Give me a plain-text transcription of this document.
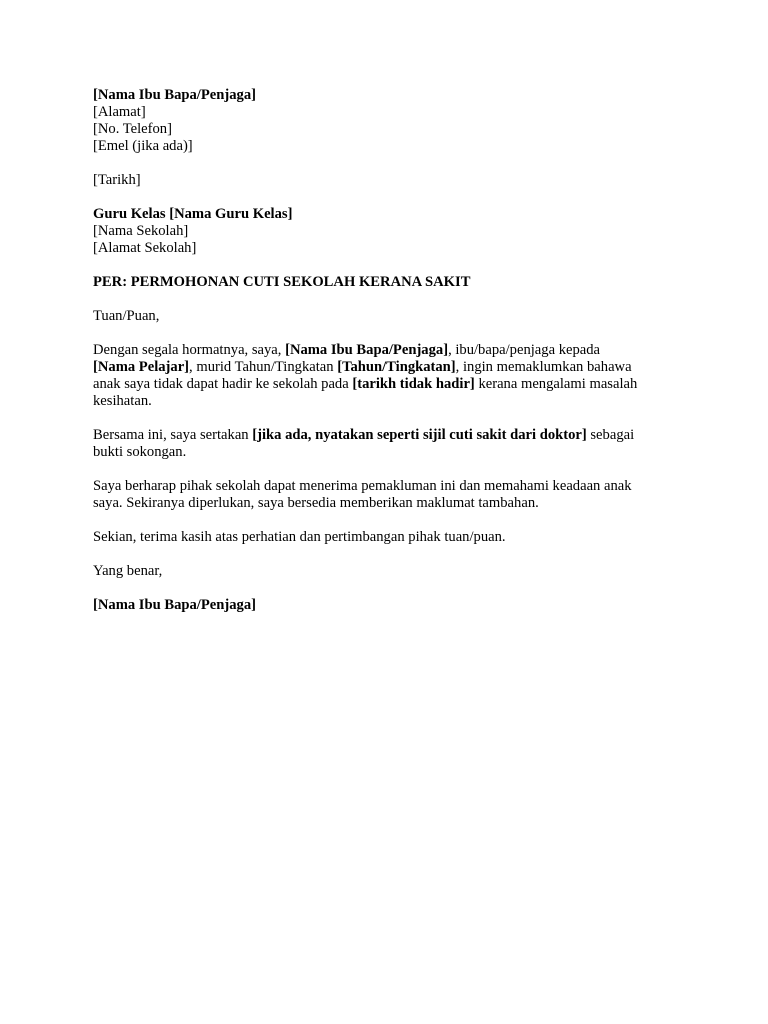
[Nama Ibu Bapa/Penjaga]
[Alamat]
[No. Telefon]
[Emel (jika ada)]
[Tarikh]
Guru Kelas [Nama Guru Kelas]
[Nama Sekolah]
[Alamat Sekolah]
PER: PERMOHONAN CUTI SEKOLAH KERANA SAKIT
Tuan/Puan,
Dengan segala hormatnya, saya, [Nama Ibu Bapa/Penjaga], ibu/bapa/penjaga kepada
[Nama Pelajar], murid Tahun/Tingkatan [Tahun/Tingkatan], ingin memaklumkan bahawa
anak saya tidak dapat hadir ke sekolah pada [tarikh tidak hadir] kerana mengalami masalah
kesihatan.
Bersama ini, saya sertakan [jika ada, nyatakan seperti sijil cuti sakit dari doktor] sebagai
bukti sokongan.
Saya berharap pihak sekolah dapat menerima pemakluman ini dan memahami keadaan anak
saya. Sekiranya diperlukan, saya bersedia memberikan maklumat tambahan.
Sekian, terima kasih atas perhatian dan pertimbangan pihak tuan/puan.
Yang benar,
[Nama Ibu Bapa/Penjaga]
